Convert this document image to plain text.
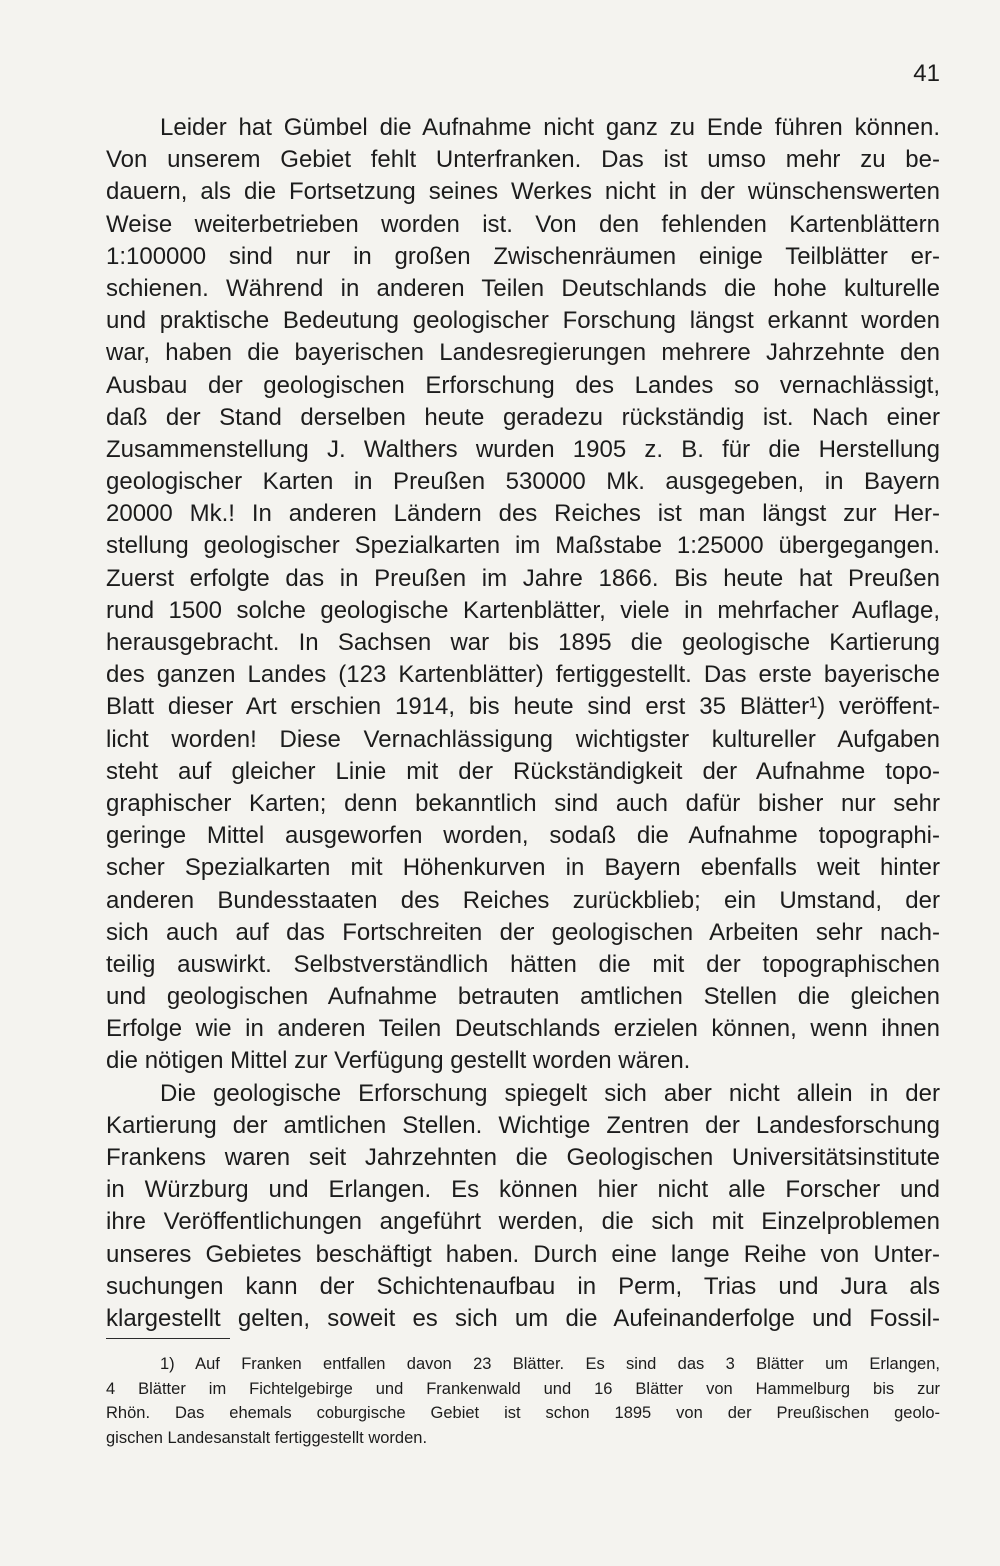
41
Leider hat Gümbel die Aufnahme nicht ganz zu Ende führen können.
Von unserem Gebiet fehlt Unterfranken. Das ist umso mehr zu be-
dauern, als die Fortsetzung seines Werkes nicht in der wünschenswerten
Weise weiterbetrieben worden ist. Von den fehlenden Kartenblättern
1:100000 sind nur in großen Zwischenräumen einige Teilblätter er-
schienen. Während in anderen Teilen Deutschlands die hohe kulturelle
und praktische Bedeutung geologischer Forschung längst erkannt worden
war, haben die bayerischen Landesregierungen mehrere Jahrzehnte den
Ausbau der geologischen Erforschung des Landes so vernachlässigt,
daß der Stand derselben heute geradezu rückständig ist. Nach einer
Zusammenstellung J. Walthers wurden 1905 z. B. für die Herstellung
geologischer Karten in Preußen 530000 Mk. ausgegeben, in Bayern
20000 Mk.! In anderen Ländern des Reiches ist man längst zur Her-
stellung geologischer Spezialkarten im Maßstabe 1:25000 übergegangen.
Zuerst erfolgte das in Preußen im Jahre 1866. Bis heute hat Preußen
rund 1500 solche geologische Kartenblätter, viele in mehrfacher Auflage,
herausgebracht. In Sachsen war bis 1895 die geologische Kartierung
des ganzen Landes (123 Kartenblätter) fertiggestellt. Das erste bayerische
Blatt dieser Art erschien 1914, bis heute sind erst 35 Blätter¹) veröffent-
licht worden! Diese Vernachlässigung wichtigster kultureller Aufgaben
steht auf gleicher Linie mit der Rückständigkeit der Aufnahme topo-
graphischer Karten; denn bekanntlich sind auch dafür bisher nur sehr
geringe Mittel ausgeworfen worden, sodaß die Aufnahme topographi-
scher Spezialkarten mit Höhenkurven in Bayern ebenfalls weit hinter
anderen Bundesstaaten des Reiches zurückblieb; ein Umstand, der
sich auch auf das Fortschreiten der geologischen Arbeiten sehr nach-
teilig auswirkt. Selbstverständlich hätten die mit der topographischen
und geologischen Aufnahme betrauten amtlichen Stellen die gleichen
Erfolge wie in anderen Teilen Deutschlands erzielen können, wenn ihnen
die nötigen Mittel zur Verfügung gestellt worden wären.
Die geologische Erforschung spiegelt sich aber nicht allein in der
Kartierung der amtlichen Stellen. Wichtige Zentren der Landesforschung
Frankens waren seit Jahrzehnten die Geologischen Universitätsinstitute
in Würzburg und Erlangen. Es können hier nicht alle Forscher und
ihre Veröffentlichungen angeführt werden, die sich mit Einzelproblemen
unseres Gebietes beschäftigt haben. Durch eine lange Reihe von Unter-
suchungen kann der Schichtenaufbau in Perm, Trias und Jura als
klargestellt gelten, soweit es sich um die Aufeinanderfolge und Fossil-
1) Auf Franken entfallen davon 23 Blätter. Es sind das 3 Blätter um Erlangen,
4 Blätter im Fichtelgebirge und Frankenwald und 16 Blätter von Hammelburg bis zur
Rhön. Das ehemals coburgische Gebiet ist schon 1895 von der Preußischen geolo-
gischen Landesanstalt fertiggestellt worden.
